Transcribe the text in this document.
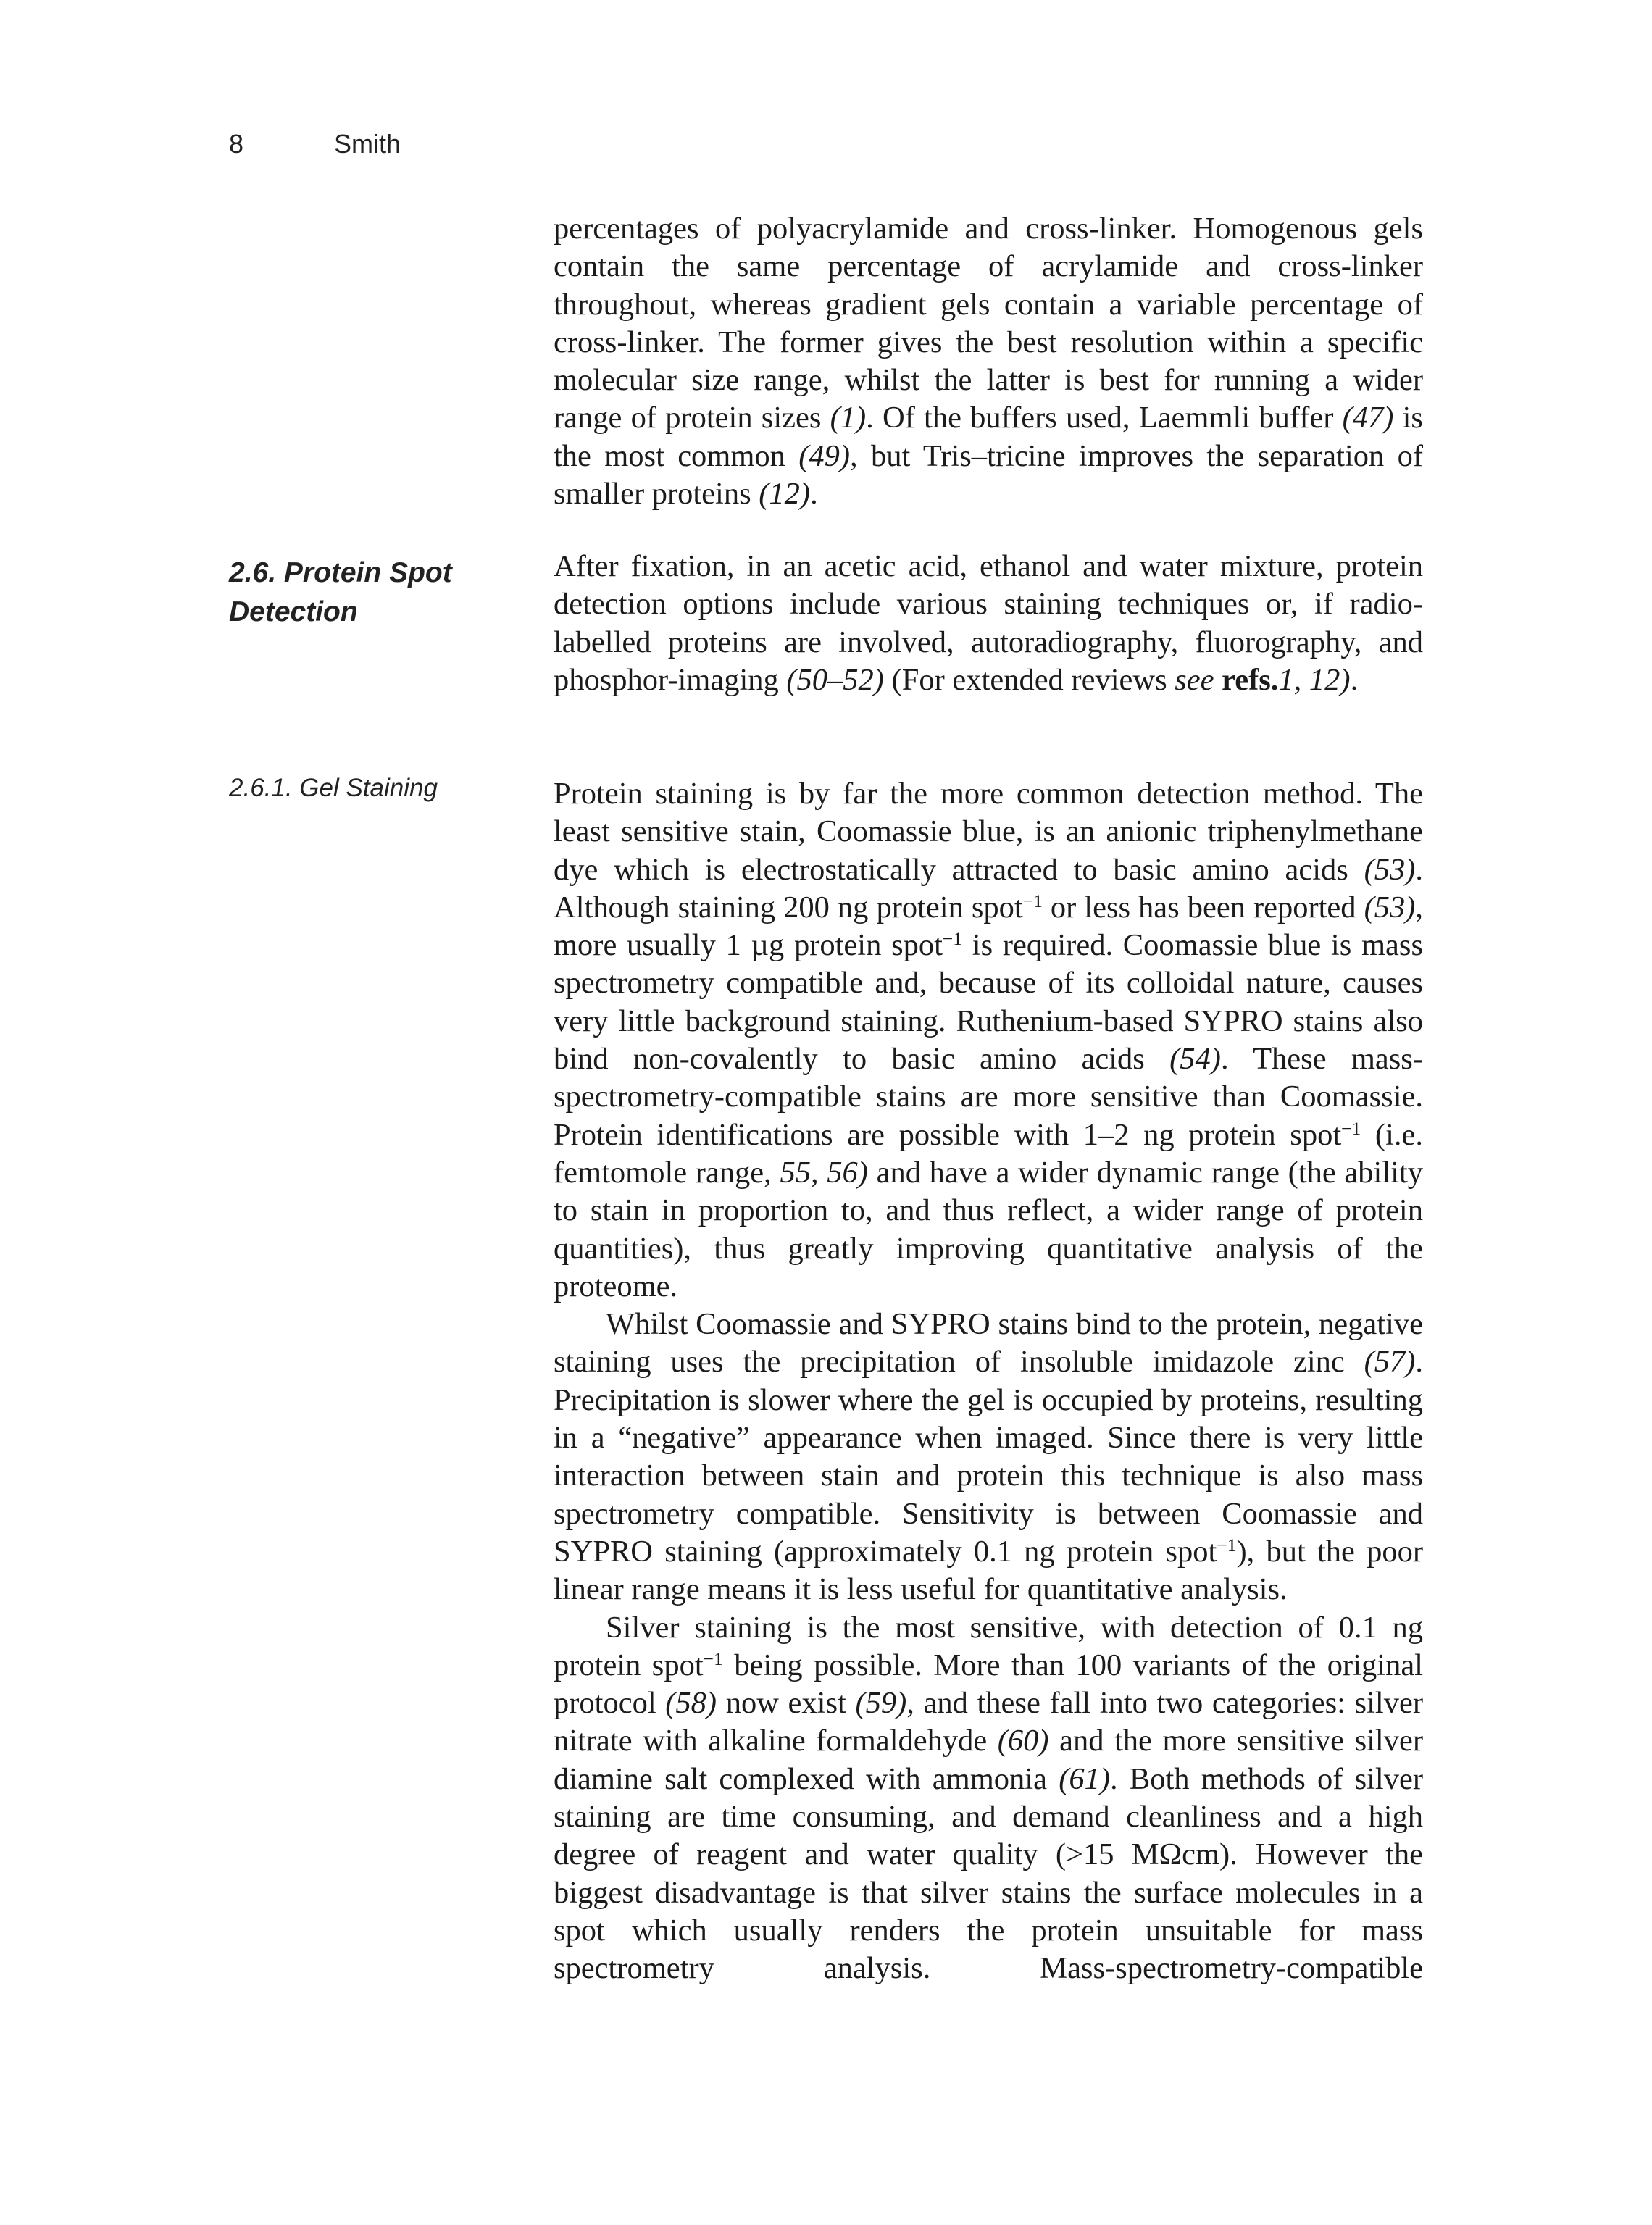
8	Smith

percentages of polyacrylamide and cross-linker. Homogenous gels contain the same percentage of acrylamide and cross-linker throughout, whereas gradient gels contain a variable percentage of cross-linker. The former gives the best resolution within a specific molecular size range, whilst the latter is best for running a wider range of protein sizes (1). Of the buffers used, Laemmli buffer (47) is the most common (49), but Tris–tricine improves the separation of smaller proteins (12).

2.6. Protein Spot Detection

After fixation, in an acetic acid, ethanol and water mixture, protein detection options include various staining techniques or, if radio-labelled proteins are involved, autoradiography, fluorography, and phosphor-imaging (50–52) (For extended reviews see refs.1, 12).

2.6.1. Gel Staining	Protein staining is by far the more common detection method. The least sensitive stain, Coomassie blue, is an anionic triphenylmethane dye which is electrostatically attracted to basic amino acids (53). Although staining 200 ng protein spot$^{-1}$ or less has been reported (53), more usually 1 µg protein spot$^{-1}$ is required. Coomassie blue is mass spectrometry compatible and, because of its colloidal nature, causes very little background staining. Ruthenium-based SYPRO stains also bind non-covalently to basic amino acids (54). These mass-spectrometry-compatible stains are more sensitive than Coomassie. Protein identifications are possible with 1–2 ng protein spot$^{-1}$ (i.e. femtomole range, 55, 56) and have a wider dynamic range (the ability to stain in proportion to, and thus reflect, a wider range of protein quantities), thus greatly improving quantitative analysis of the proteome.

Whilst Coomassie and SYPRO stains bind to the protein, negative staining uses the precipitation of insoluble imidazole zinc (57). Precipitation is slower where the gel is occupied by proteins, resulting in a “negative” appearance when imaged. Since there is very little interaction between stain and protein this technique is also mass spectrometry compatible. Sensitivity is between Coomassie and SYPRO staining (approximately 0.1 ng protein spot$^{-1}$), but the poor linear range means it is less useful for quantitative analysis.

Silver staining is the most sensitive, with detection of 0.1 ng protein spot$^{-1}$ being possible. More than 100 variants of the original protocol (58) now exist (59), and these fall into two categories: silver nitrate with alkaline formaldehyde (60) and the more sensitive silver diamine salt complexed with ammonia (61). Both methods of silver staining are time consuming, and demand cleanliness and a high degree of reagent and water quality (>15 MΩcm). However the biggest disadvantage is that silver stains the surface molecules in a spot which usually renders the protein unsuitable for mass spectrometry analysis. Mass-spectrometry-compatible
